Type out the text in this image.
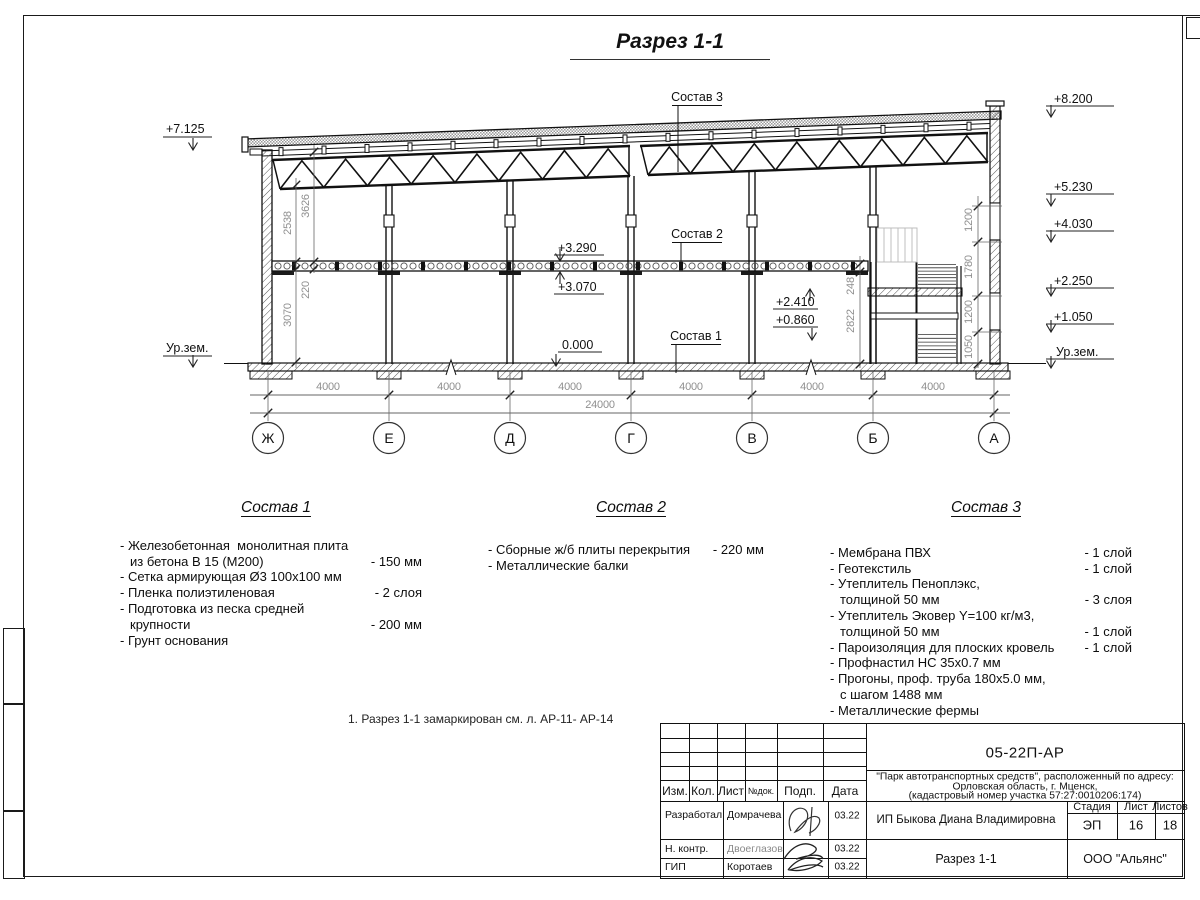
Разрез 1-1
Ж	Е	Д	Г	В	Б	А
+7.125
Ур.зем.
+8.200
+5.230
+4.030
+2.250
+1.050
Ур.зем.
+3.290
+3.070
+2.410
+0.860
0.000
Состав 3
Состав 2
Состав 1
2538
3626
220
3070
248
2822
1200
1780
1200
1050
4000	4000	4000	4000	4000	4000
24000
Состав 1
- Железобетонная  монолитная плита
из бетона В 15 (М200)	- 150 мм
- Сетка армирующая Ø3 100х100 мм
- Пленка полиэтиленовая	- 2 слоя
- Подготовка из песка средней
крупности	- 200 мм
- Грунт основания
Состав 2
- Сборные ж/б плиты перекрытия - 220 мм
- Металлические балки
Состав 3
- Мембрана ПВХ	- 1 слой
- Геотекстиль	- 1 слой
- Утеплитель Пеноплэкс,
толщиной 50 мм	- 3 слоя
- Утеплитель Эковер Y=100 кг/м3,
толщиной 50 мм	- 1 слой
- Пароизоляция для плоских кровель - 1 слой
- Профнастил НС 35х0.7 мм
- Прогоны, проф. труба 180х5.0 мм,
с шагом 1488 мм
- Металлические фермы
1. Разрез 1-1 замаркирован см. л. АР-11- АР-14
Изм. Кол. Лист №док. Подп. Дата
Разработал Домрачева	03.22
Н. контр. Двоеглазов	03.22
ГИП	Коротаев	03.22
05-22П-АР
"Парк автотранспортных средств", расположенный по адресу:
Орловская область, г. Мценск,
(кадастровый номер участка 57:27:0010206:174)
ИП Быкова Диана Владимировна
Разрез 1-1
Стадия Лист Листов
ЭП 16 18
ООО "Альянс"
